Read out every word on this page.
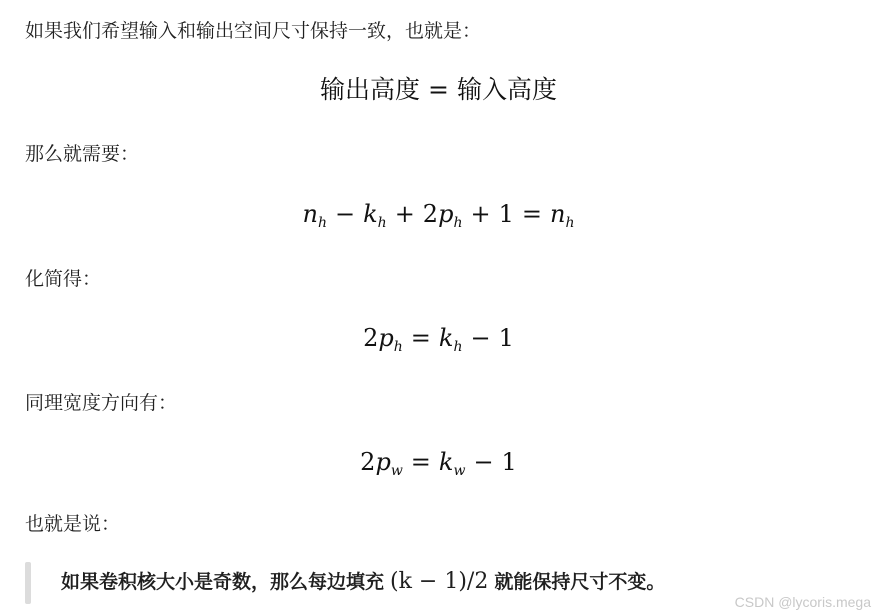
如果我们希望输入和输出空间尺寸保持一致，也就是：
输出高度 = 输入高度
那么就需要：
$n_h - k_h + 2p_h + 1 = n_h$
化简得：
$2p_h = k_h - 1$
同理宽度方向有：
$2p_w = k_w - 1$
也就是说：
如果卷积核大小是奇数，那么每边填充 (k − 1)/2 就能保持尺寸不变。
CSDN @lycoris.mega
